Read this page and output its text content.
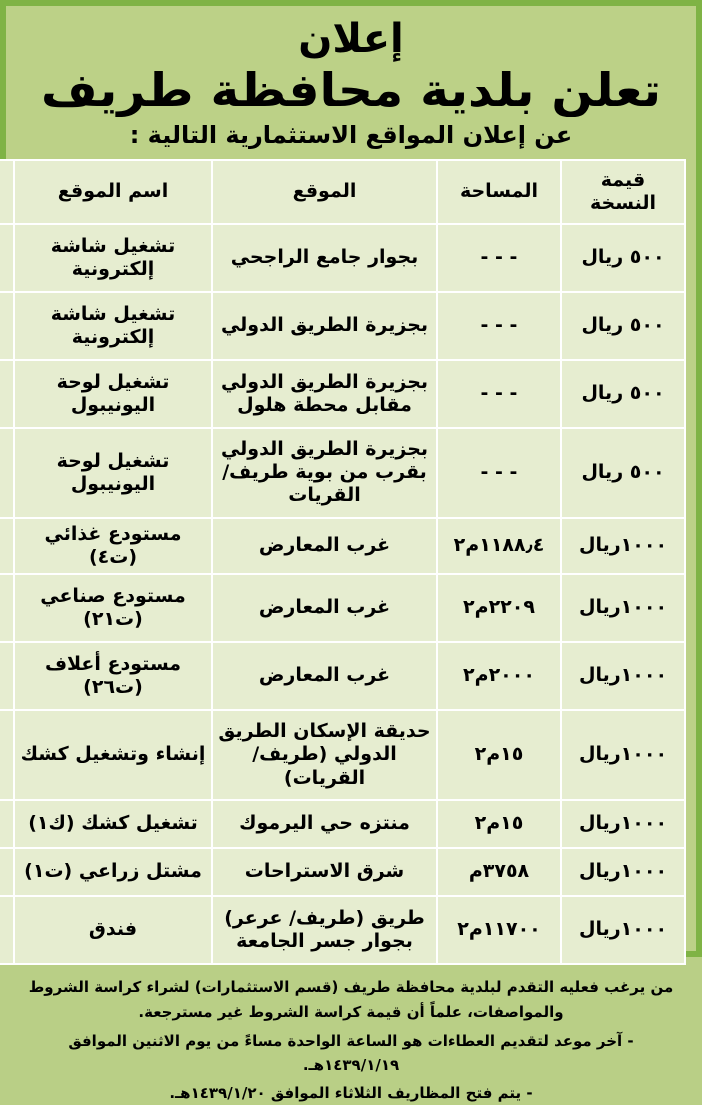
إعلان
تعلن بلدية محافظة طريف
عن إعلان المواقع الاستثمارية التالية :
قيمة
النسخة	المساحة	الموقع	اسم الموقع	
٥٠٠ ريال	- - -	بجوار جامع الراجحي	تشغيل شاشة إلكترونية	
٥٠٠ ريال	- - -	بجزيرة الطريق الدولي	تشغيل شاشة إلكترونية	
٥٠٠ ريال	- - -	بجزيرة الطريق الدولي مقابل محطة هلول	تشغيل لوحة اليونيبول	
٥٠٠ ريال	- - -	بجزيرة الطريق الدولي بقرب من بوية طريف/ القريات	تشغيل لوحة اليونيبول	
١٠٠٠ريال	١١٨٨٫٤م٢	غرب المعارض	مستودع غذائي (ت٤)	
١٠٠٠ريال	٢٢٠٩م٢	غرب المعارض	مستودع صناعي (ت٢١)	
١٠٠٠ريال	٢٠٠٠م٢	غرب المعارض	مستودع أعلاف (ت٢٦)	
١٠٠٠ريال	١٥م٢	حديقة الإسكان الطريق الدولي (طريف/ القريات)	إنشاء وتشغيل كشك	
١٠٠٠ريال	١٥م٢	منتزه حي اليرموك	تشغيل كشك (ك١)	
١٠٠٠ريال	٣٧٥٨م	شرق الاستراحات	مشتل زراعي (ت١)	
١٠٠٠ريال	١١٧٠٠م٢	طريق (طريف/ عرعر) بجوار جسر الجامعة	فندق	

من يرغب فعليه التقدم لبلدية محافظة طريف (قسم الاستثمارات) لشراء كراسة الشروط والمواصفات، علماً أن قيمة كراسة الشروط غير مسترجعة.

- آخر موعد لتقديم العطاءات هو الساعة الواحدة مساءً من يوم الاثنين الموافق ١٤٣٩/١/١٩هـ.

- يتم فتح المظاريف الثلاثاء الموافق ١٤٣٩/١/٢٠هـ.
